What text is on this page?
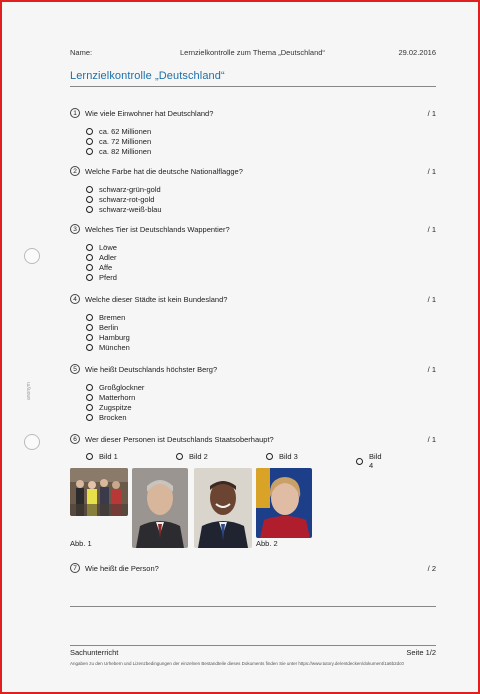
anonym
Name:	Lernzielkontrolle zum Thema „Deutschland“	29.02.2016
Lernzielkontrolle „Deutschland“
1	Wie viele Einwohner hat Deutschland?	/ 1
ca. 62 Millionen
ca. 72 Millionen
ca. 82 Millionen
2	Welche Farbe hat die deutsche Nationalflagge?	/ 1
schwarz-grün-gold
schwarz-rot-gold
schwarz-weiß-blau
3	Welches Tier ist Deutschlands Wappentier?	/ 1
Löwe
Adler
Affe
Pferd
4	Welche dieser Städte ist kein Bundesland?	/ 1
Bremen
Berlin
Hamburg
München
5	Wie heißt Deutschlands höchster Berg?	/ 1
Großglockner
Matterhorn
Zugspitze
Brocken
6	Wer dieser Personen ist Deutschlands Staatsoberhaupt?	/ 1
Bild 1	Bild 2	Bild 3	Bild 4
Abb. 1	Abb. 2
7	Wie heißt die Person?	/ 2
Sachunterricht	Seite 1/2
Angaben zu den Urhebern und Lizenzbedingungen der einzelnen Bestandteile dieses Dokuments finden Sie unter https://www.tutory.de/entdecken/dokument/1a6b2dc0
